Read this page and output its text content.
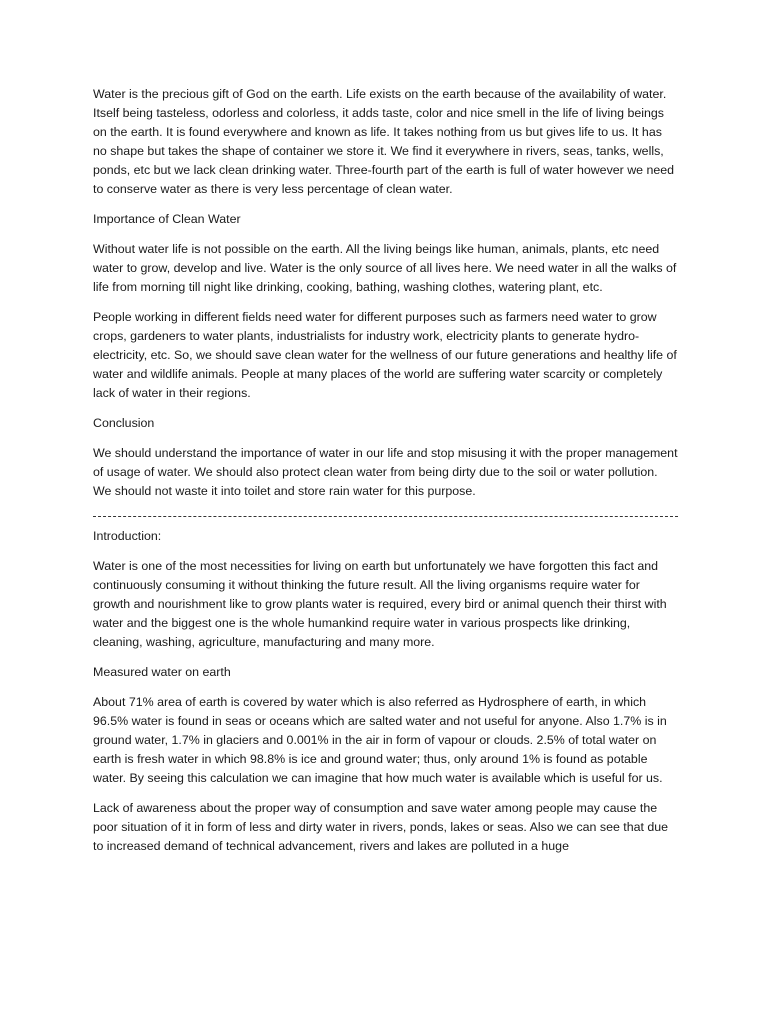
Water is the precious gift of God on the earth. Life exists on the earth because of the availability of water. Itself being tasteless, odorless and colorless, it adds taste, color and nice smell in the life of living beings on the earth. It is found everywhere and known as life. It takes nothing from us but gives life to us. It has no shape but takes the shape of container we store it. We find it everywhere in rivers, seas, tanks, wells, ponds, etc but we lack clean drinking water. Three-fourth part of the earth is full of water however we need to conserve water as there is very less percentage of clean water.

Importance of Clean Water

Without water life is not possible on the earth. All the living beings like human, animals, plants, etc need water to grow, develop and live. Water is the only source of all lives here. We need water in all the walks of life from morning till night like drinking, cooking, bathing, washing clothes, watering plant, etc.

People working in different fields need water for different purposes such as farmers need water to grow crops, gardeners to water plants, industrialists for industry work, electricity plants to generate hydro-electricity, etc. So, we should save clean water for the wellness of our future generations and healthy life of water and wildlife animals. People at many places of the world are suffering water scarcity or completely lack of water in their regions.

Conclusion

We should understand the importance of water in our life and stop misusing it with the proper management of usage of water. We should also protect clean water from being dirty due to the soil or water pollution. We should not waste it into toilet and store rain water for this purpose.

Introduction:

Water is one of the most necessities for living on earth but unfortunately we have forgotten this fact and continuously consuming it without thinking the future result. All the living organisms require water for growth and nourishment like to grow plants water is required, every bird or animal quench their thirst with water and the biggest one is the whole humankind require water in various prospects like drinking, cleaning, washing, agriculture, manufacturing and many more.

Measured water on earth

About 71% area of earth is covered by water which is also referred as Hydrosphere of earth, in which 96.5% water is found in seas or oceans which are salted water and not useful for anyone. Also 1.7% is in ground water, 1.7% in glaciers and 0.001% in the air in form of vapour or clouds. 2.5% of total water on earth is fresh water in which 98.8% is ice and ground water; thus, only around 1% is found as potable water. By seeing this calculation we can imagine that how much water is available which is useful for us.

Lack of awareness about the proper way of consumption and save water among people may cause the poor situation of it in form of less and dirty water in rivers, ponds, lakes or seas. Also we can see that due to increased demand of technical advancement, rivers and lakes are polluted in a huge
